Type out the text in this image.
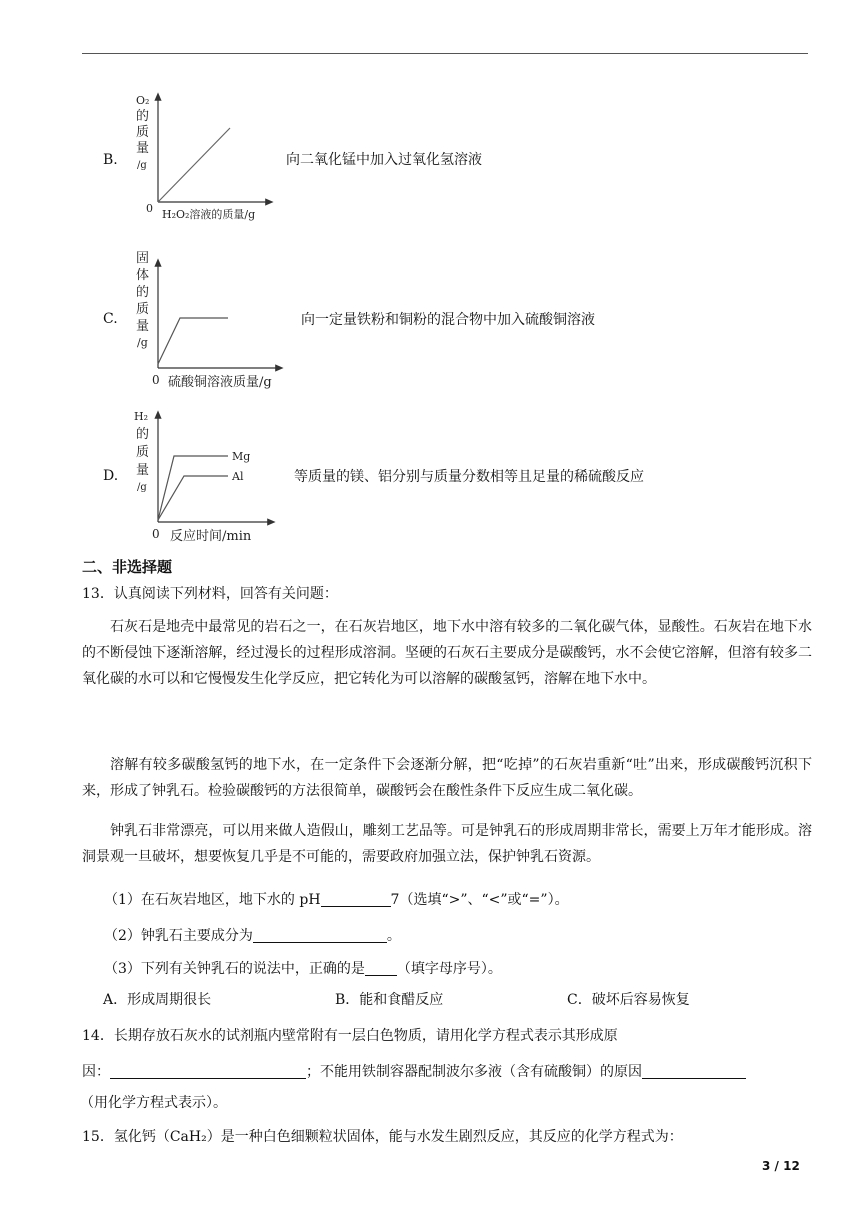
B.
O₂
的
质
量
/g
0 H₂O₂溶液的质量/g
向二氧化锰中加入过氧化氢溶液
C.
固
体
的
质
量
/g
0 硫酸铜溶液质量/g
向一定量铁粉和铜粉的混合物中加入硫酸铜溶液
D.
Mg
Al
H₂
的
质
量
/g
0 反应时间/min
等质量的镁、铝分别与质量分数相等且足量的稀硫酸反应
二、非选择题
13．认真阅读下列材料，回答有关问题：
石灰石是地壳中最常见的岩石之一，在石灰岩地区，地下水中溶有较多的二氧化碳气体，显酸性。石灰岩在地下水的不断侵蚀下逐渐溶解，经过漫长的过程形成溶洞。坚硬的石灰石主要成分是碳酸钙，水不会使它溶解，但溶有较多二氧化碳的水可以和它慢慢发生化学反应，把它转化为可以溶解的碳酸氢钙，溶解在地下水中。
溶解有较多碳酸氢钙的地下水，在一定条件下会逐渐分解，把“吃掉”的石灰岩重新“吐”出来，形成碳酸钙沉积下来，形成了钟乳石。检验碳酸钙的方法很简单，碳酸钙会在酸性条件下反应生成二氧化碳。
钟乳石非常漂亮，可以用来做人造假山，雕刻工艺品等。可是钟乳石的形成周期非常长，需要上万年才能形成。溶洞景观一旦破坏，想要恢复几乎是不可能的，需要政府加强立法，保护钟乳石资源。
（1）在石灰岩地区，地下水的 pH	7（选填“>”、“<”或“=”）。
（2）钟乳石主要成分为	。
（3）下列有关钟乳石的说法中，正确的是 （填字母序号）。
A．形成周期很长	B．能和食醋反应	C．破坏后容易恢复
14．长期存放石灰水的试剂瓶内壁常附有一层白色物质，请用化学方程式表示其形成原
因：	；不能用铁制容器配制波尔多液（含有硫酸铜）的原因
（用化学方程式表示）。
15．氢化钙（CaH₂）是一种白色细颗粒状固体，能与水发生剧烈反应，其反应的化学方程式为：
3 / 12
